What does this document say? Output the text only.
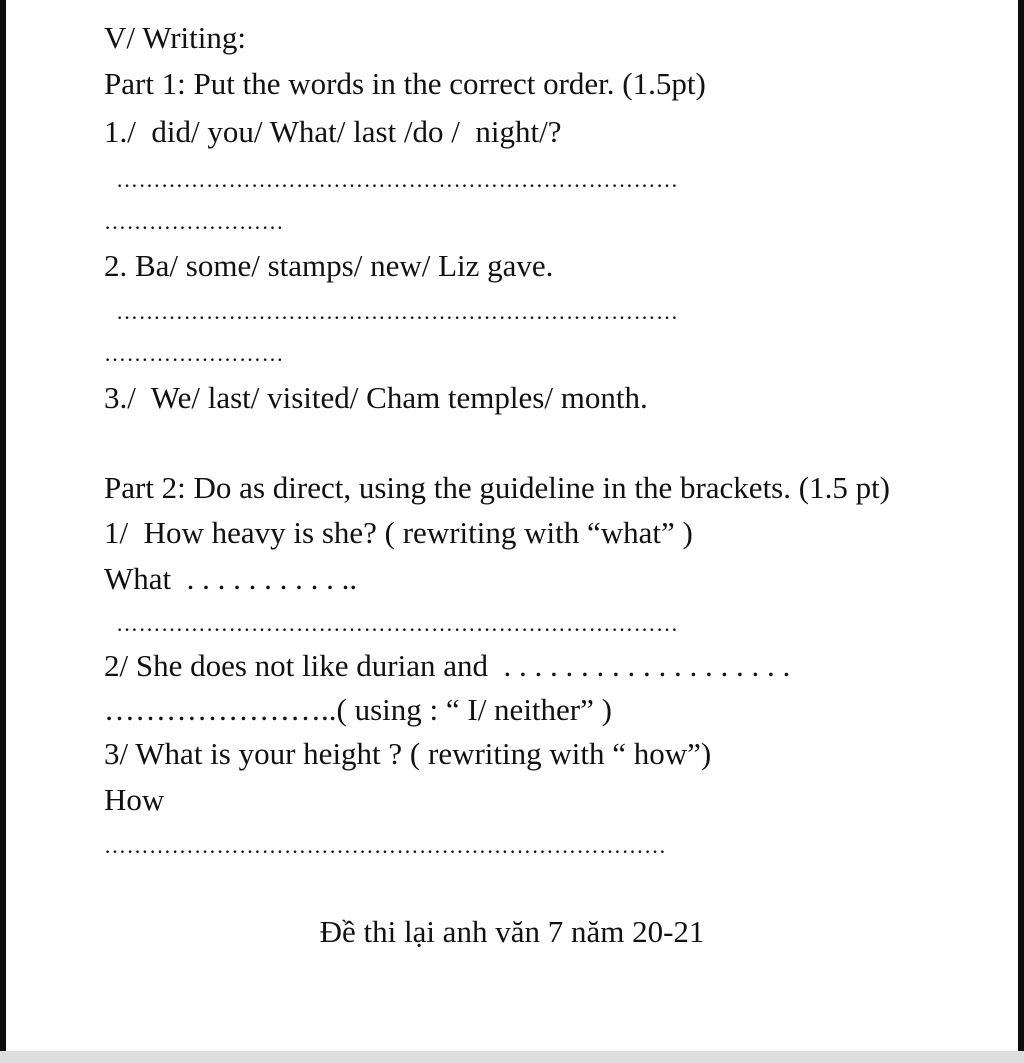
V/ Writing:
Part 1: Put the words in the correct order. (1.5pt)
1./  did/ you/ What/ last /do /  night/?
…………………………………………………………………
……………………
2. Ba/ some/ stamps/ new/ Liz gave.
…………………………………………………………………
……………………
3./  We/ last/ visited/ Cham temples/ month.
Part 2: Do as direct, using the guideline in the brackets. (1.5 pt)
1/  How heavy is she? ( rewriting with “what” )
What  . . . . . . . . . . ..
…………………………………………………………………
2/ She does not like durian and  . . . . . . . . . . . . . . . . . . .
…………………..( using : “ I/ neither” )
3/ What is your height ? ( rewriting with “ how”)
How
…………………………………………………………………
Đề thi lại anh văn 7 năm 20-21
